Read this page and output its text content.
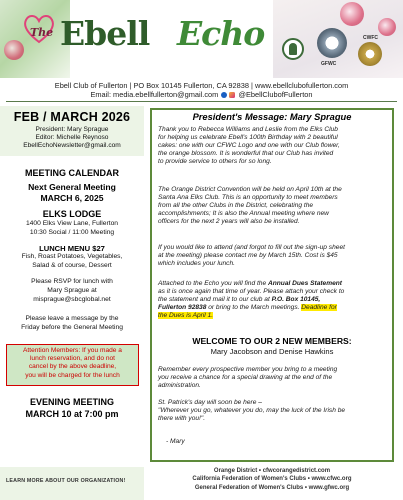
The Ebell Echo
GFWC
CWFC
Ebell Club of Fullerton | PO Box 10145 Fullerton, CA 92838 | www.ebellclubofullerton.com
Email: media.ebellfullerton@gmail.com	@EbellClubofFullerton
FEB / MARCH 2026
President: Mary Sprague
Editor: Michelle Reynoso
EbellEchoNewsletter@gmail.com
MEETING CALENDAR
Next General Meeting
MARCH 6, 2025
ELKS LODGE
1400 Elks View Lane, Fullerton
10:30 Social / 11:00 Meeting
LUNCH MENU $27
Fish, Roast Potatoes, Vegetables,
Salad & of course, Dessert
Please RSVP for lunch with
Mary Sprague at
misprague@sbcglobal.net
Please leave a message by the
Friday before the General Meeting
Attention Members: If you made a
lunch reservation, and do not
cancel by the above deadline,
you will be charged for the lunch
EVENING MEETING
MARCH 10 at 7:00 pm
LEARN MORE ABOUT OUR ORGANIZATION!
President's Message: Mary Sprague
Thank you to Rebecca Williams and Leslie from the Elks Club
for helping us celebrate Ebell's 100th Birthday with 2 beautiful
cakes: one with our CFWC Logo and one with our Club flower,
the orange blossom. It is wonderful that our Club has invited
to provide service to others for so long.
The Orange District Convention will be held on April 10th at the
Santa Ana Elks Club. This is an opportunity to meet members
from all the other Clubs in the District, celebrating the
accomplishments; It is also the Annual meeting where new
officers for the next 2 years will also be installed.
If you would like to attend (and forgot to fill out the sign-up sheet
at the meeting) please contact me by March 15th. Cost is $45
which includes your lunch.
Attached to the Echo you will find the Annual Dues Statement
as it is once again that time of year. Please attach your check to
the statement and mail it to our club at P.O. Box 10145,
Fullerton 92838 or bring to the March meetings. Deadline for
the Dues is April 1.
WELCOME TO OUR 2 NEW MEMBERS:
Mary Jacobson and Denise Hawkins
Remember every prospective member you bring to a meeting
you receive a chance for a special drawing at the end of the
administration.
St. Patrick's day will soon be here –
"Wherever you go, whatever you do, may the luck of the Irish be
there with you!".
- Mary
Orange District • cfwcorangedistrict.com
California Federation of Women's Clubs • www.cfwc.org
General Federation of Women's Clubs • www.gfwc.org
